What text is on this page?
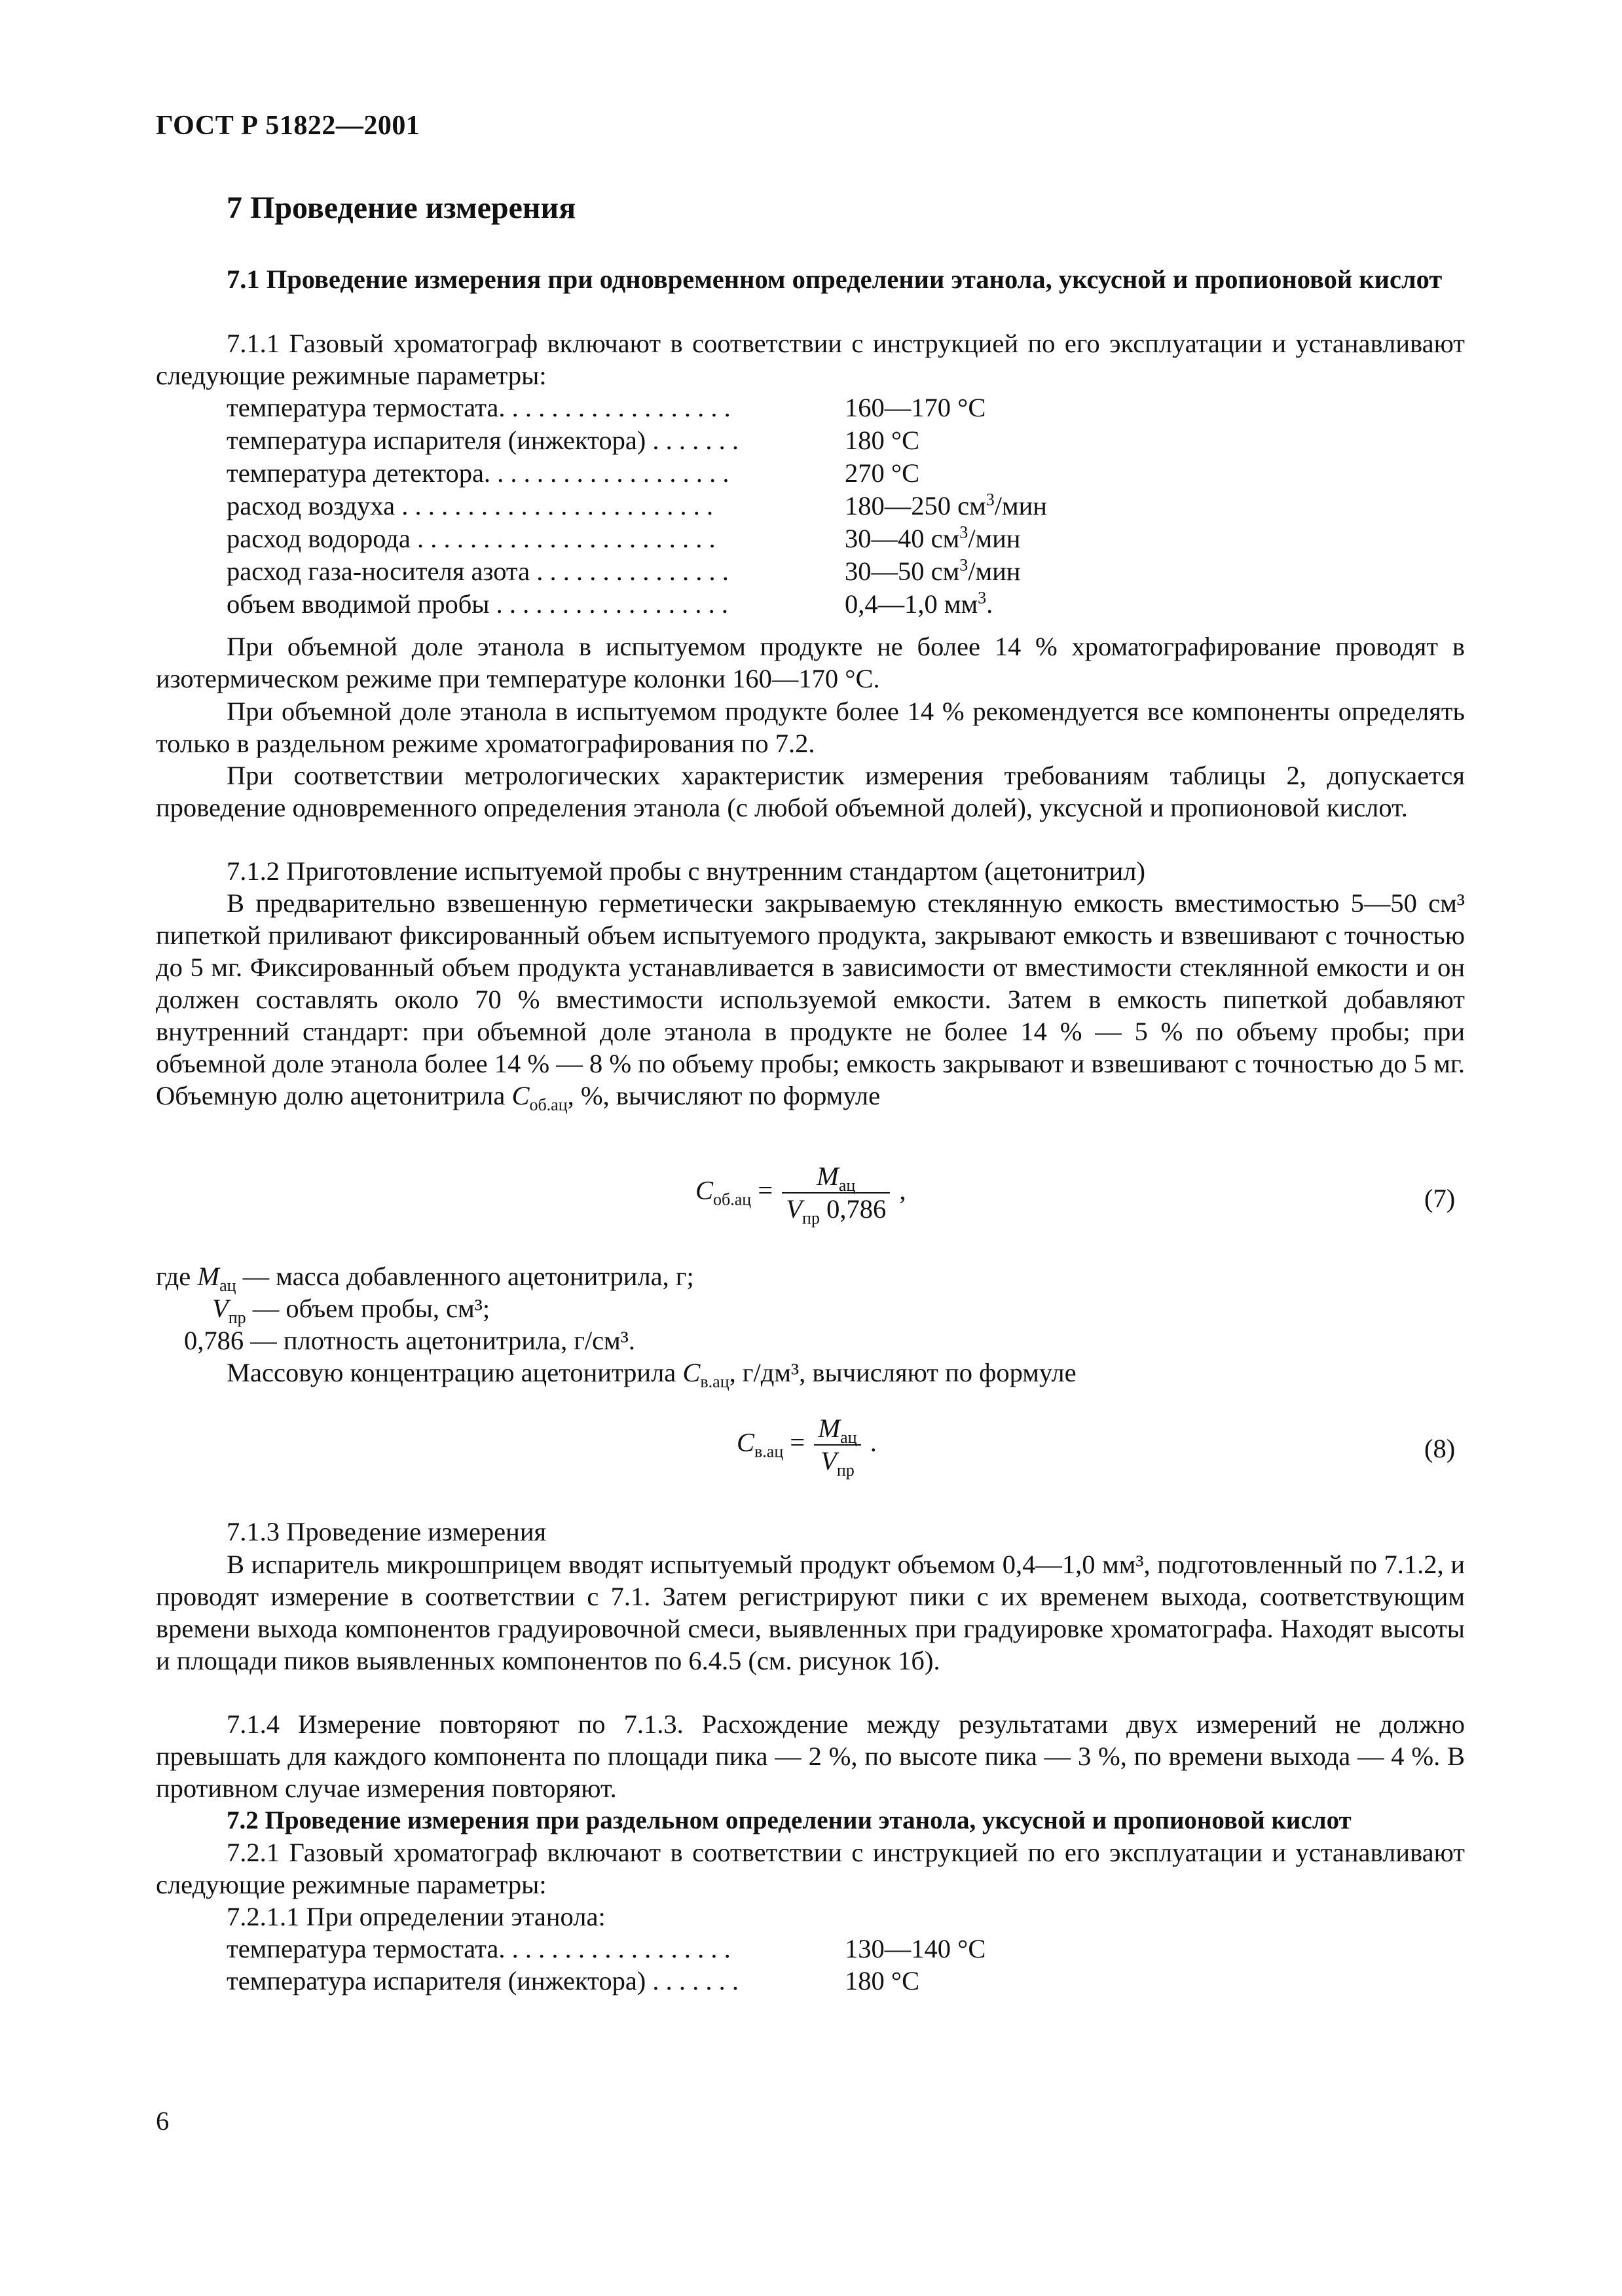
ГОСТ Р 51822—2001
7 Проведение измерения
7.1 Проведение измерения при одновременном определении этанола, уксусной и пропионовой кислот
7.1.1 Газовый хроматограф включают в соответствии с инструкцией по его эксплуатации и устанавливают следующие режимные параметры:
температура термостата. . . . . . . . . . . . . . . . . .	160—170 °С
температура испарителя (инжектора) . . . . . . .	180 °С
температура детектора. . . . . . . . . . . . . . . . . . .	270 °С
расход воздуха . . . . . . . . . . . . . . . . . . . . . . . .	180—250 $см^3$/мин
расход водорода . . . . . . . . . . . . . . . . . . . . . . .	30—40 $см^3$/мин
расход газа-носителя азота . . . . . . . . . . . . . . .	30—50 $см^3$/мин
объем вводимой пробы . . . . . . . . . . . . . . . . . .	0,4—1,0 $мм^3$.
При объемной доле этанола в испытуемом продукте не более 14 % хроматографирование проводят в изотермическом режиме при температуре колонки 160—170 °С.
При объемной доле этанола в испытуемом продукте более 14 % рекомендуется все компоненты определять только в раздельном режиме хроматографирования по 7.2.
При соответствии метрологических характеристик измерения требованиям таблицы 2, допускается проведение одновременного определения этанола (с любой объемной долей), уксусной и пропионовой кислот.
7.1.2 Приготовление испытуемой пробы с внутренним стандартом (ацетонитрил)
В предварительно взвешенную герметически закрываемую стеклянную емкость вместимостью 5—50 см³ пипеткой приливают фиксированный объем испытуемого продукта, закрывают емкость и взвешивают с точностью до 5 мг. Фиксированный объем продукта устанавливается в зависимости от вместимости стеклянной емкости и он должен составлять около 70 % вместимости используемой емкости. Затем в емкость пипеткой добавляют внутренний стандарт: при объемной доле этанола в продукте не более 14 % — 5 % по объему пробы; при объемной доле этанола более 14 % — 8 % по объему пробы; емкость закрывают и взвешивают с точностью до 5 мг. Объемную долю ацетонитрила $C_{об.ац}$, %, вычисляют по формуле
$C_{об.ац} = \frac{M_{ац}}{V_{пр} 0,786}$ ,	(7)
где $M_{ац}$ — масса добавленного ацетонитрила, г;
$V_{пр}$ — объем пробы, см³;
0,786 — плотность ацетонитрила, г/см³.
Массовую концентрацию ацетонитрила $C_{в.ац}$, г/дм³, вычисляют по формуле
$C_{в.ац} = \frac{M_{ац}}{V_{пр}}$ .	(8)
7.1.3 Проведение измерения
В испаритель микрошприцем вводят испытуемый продукт объемом 0,4—1,0 мм³, подготовленный по 7.1.2, и проводят измерение в соответствии с 7.1. Затем регистрируют пики с их временем выхода, соответствующим времени выхода компонентов градуировочной смеси, выявленных при градуировке хроматографа. Находят высоты и площади пиков выявленных компонентов по 6.4.5 (см. рисунок 1б).
7.1.4 Измерение повторяют по 7.1.3. Расхождение между результатами двух измерений не должно превышать для каждого компонента по площади пика — 2 %, по высоте пика — 3 %, по времени выхода — 4 %. В противном случае измерения повторяют.
7.2 Проведение измерения при раздельном определении этанола, уксусной и пропионовой кислот
7.2.1 Газовый хроматограф включают в соответствии с инструкцией по его эксплуатации и устанавливают следующие режимные параметры:
7.2.1.1 При определении этанола:
температура термостата. . . . . . . . . . . . . . . . . .	130—140 °С
температура испарителя (инжектора) . . . . . . .	180 °С
6
